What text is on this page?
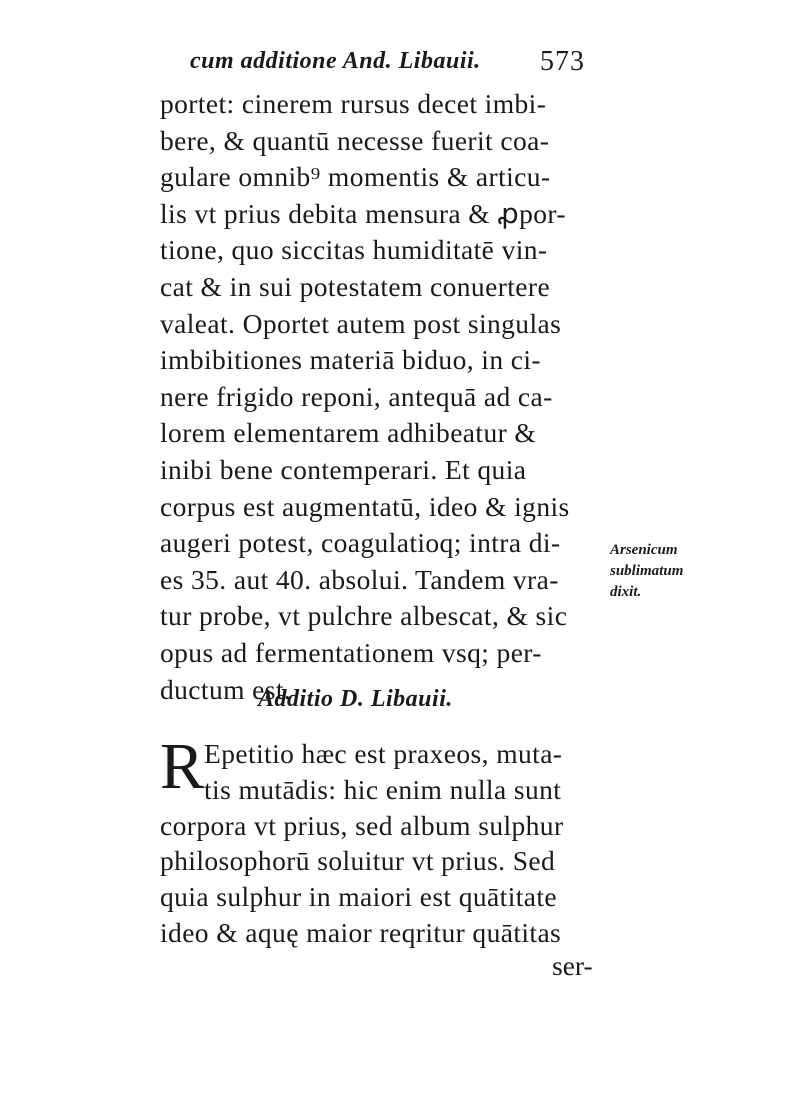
cum additione And. Libauii. 573
portet: cinerem rursus decet imbi-
bere, & quantū necesse fuerit coa-
gulare omnib⁹ momentis & articu-
lis vt prius debita mensura & ꝓpor-
tione, quo siccitas humiditatē vin-
cat & in sui potestatem conuertere
valeat. Oportet autem post singulas
imbibitiones materiā biduo, in ci-
nere frigido reponi, antequā ad ca-
lorem elementarem adhibeatur &
inibi bene contemperari. Et quia
corpus est augmentatū, ideo & ignis
augeri potest, coagulatioq; intra di-
es 35. aut 40. absolui. Tandem vra-
tur probe, vt pulchre albescat, & sic
opus ad fermentationem vsq; per-
ductum est.
Arsenicum
sublimatum
dixit.
Additio D. Libauii.
R Epetitio hæc est praxeos, muta-
tis mutādis: hic enim nulla sunt
corpora vt prius, sed album sulphur
philosophorū soluitur vt prius. Sed
quia sulphur in maiori est quātitate
ideo & aquę maior reqritur quātitas
ser-
